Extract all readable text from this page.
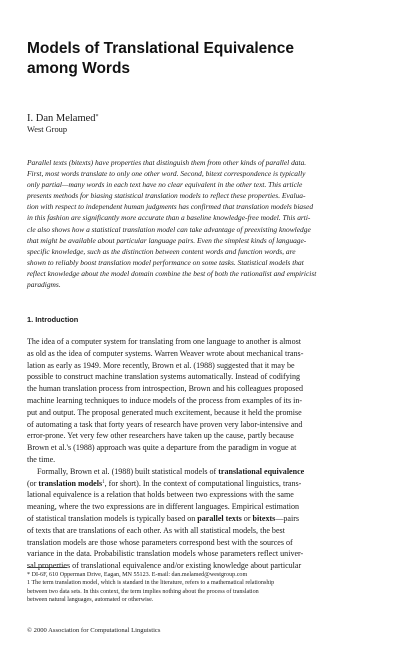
Models of Translational Equivalence
among Words
I. Dan Melamed*
West Group
Parallel texts (bitexts) have properties that distinguish them from other kinds of parallel data.
First, most words translate to only one other word. Second, bitext correspondence is typically
only partial—many words in each text have no clear equivalent in the other text. This article
presents methods for biasing statistical translation models to reflect these properties. Evalua-
tion with respect to independent human judgments has confirmed that translation models biased
in this fashion are significantly more accurate than a baseline knowledge-free model. This arti-
cle also shows how a statistical translation model can take advantage of preexisting knowledge
that might be available about particular language pairs. Even the simplest kinds of language-
specific knowledge, such as the distinction between content words and function words, are
shown to reliably boost translation model performance on some tasks. Statistical models that
reflect knowledge about the model domain combine the best of both the rationalist and empiricist
paradigms.
1. Introduction
The idea of a computer system for translating from one language to another is almost
as old as the idea of computer systems. Warren Weaver wrote about mechanical trans-
lation as early as 1949. More recently, Brown et al. (1988) suggested that it may be
possible to construct machine translation systems automatically. Instead of codifying
the human translation process from introspection, Brown and his colleagues proposed
machine learning techniques to induce models of the process from examples of its in-
put and output. The proposal generated much excitement, because it held the promise
of automating a task that forty years of research have proven very labor-intensive and
error-prone. Yet very few other researchers have taken up the cause, partly because
Brown et al.'s (1988) approach was quite a departure from the paradigm in vogue at
the time.
Formally, Brown et al. (1988) built statistical models of translational equivalence
(or translation models$^1$, for short). In the context of computational linguistics, trans-
lational equivalence is a relation that holds between two expressions with the same
meaning, where the two expressions are in different languages. Empirical estimation
of statistical translation models is typically based on parallel texts or bitexts—pairs
of texts that are translations of each other. As with all statistical models, the best
translation models are those whose parameters correspond best with the sources of
variance in the data. Probabilistic translation models whose parameters reflect univer-
sal properties of translational equivalence and/or existing knowledge about particular
* DI-6F, 610 Opperman Drive, Eagan, MN 55123. E-mail: dan.melamed@westgroup.com
1 The term translation model, which is standard in the literature, refers to a mathematical relationship
between two data sets. In this context, the term implies nothing about the process of translation
between natural languages, automated or otherwise.
© 2000 Association for Computational Linguistics
